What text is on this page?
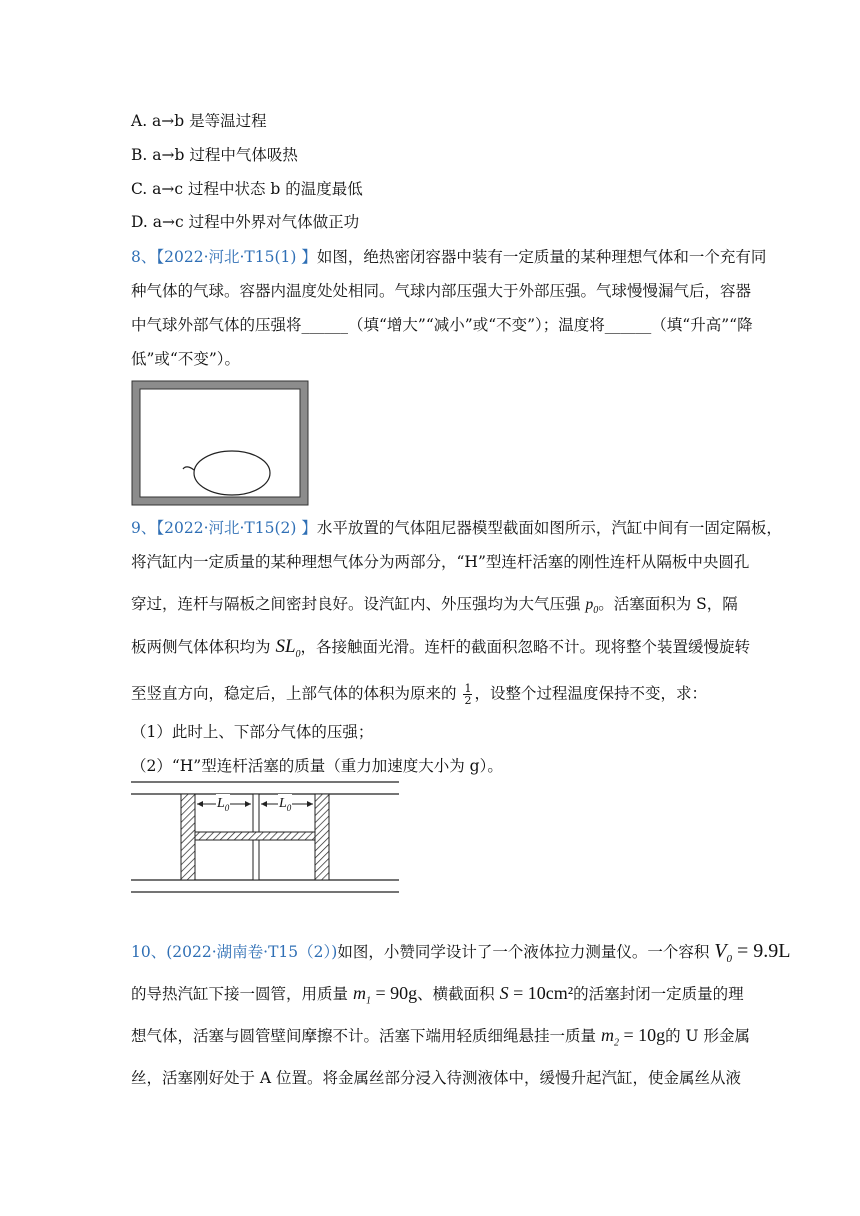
A. a→b 是等温过程
B. a→b 过程中气体吸热
C. a→c 过程中状态 b 的温度最低
D. a→c 过程中外界对气体做正功
8、【2022·河北·T15(1) 】如图，绝热密闭容器中装有一定质量的某种理想气体和一个充有同
种气体的气球。容器内温度处处相同。气球内部压强大于外部压强。气球慢慢漏气后，容器
中气球外部气体的压强将______（填“增大”“减小”或“不变”）；温度将______（填“升高”“降
低”或“不变”）。
9、【2022·河北·T15(2) 】水平放置的气体阻尼器模型截面如图所示，汽缸中间有一固定隔板，
将汽缸内一定质量的某种理想气体分为两部分，“H”型连杆活塞的刚性连杆从隔板中央圆孔
穿过，连杆与隔板之间密封良好。设汽缸内、外压强均为大气压强 $p_0$。活塞面积为 S，隔
板两侧气体体积均为 $SL_0$，各接触面光滑。连杆的截面积忽略不计。现将整个装置缓慢旋转
至竖直方向，稳定后，上部气体的体积为原来的 $\frac{1}{2}$ ，设整个过程温度保持不变，求：
（1）此时上、下部分气体的压强；
（2）“H”型连杆活塞的质量（重力加速度大小为 g）。
$L_0$	$L_0$
10、(2022·湖南卷·T15（2）)如图，小赞同学设计了一个液体拉力测量仪。一个容积 $V_0 = 9.9L$
的导热汽缸下接一圆管，用质量 $m_1 = 90g$、横截面积 S = 10cm²的活塞封闭一定质量的理
想气体，活塞与圆管壁间摩擦不计。活塞下端用轻质细绳悬挂一质量 $m_2 = 10g$的 U 形金属
丝，活塞刚好处于 A 位置。将金属丝部分浸入待测液体中，缓慢升起汽缸，使金属丝从液
